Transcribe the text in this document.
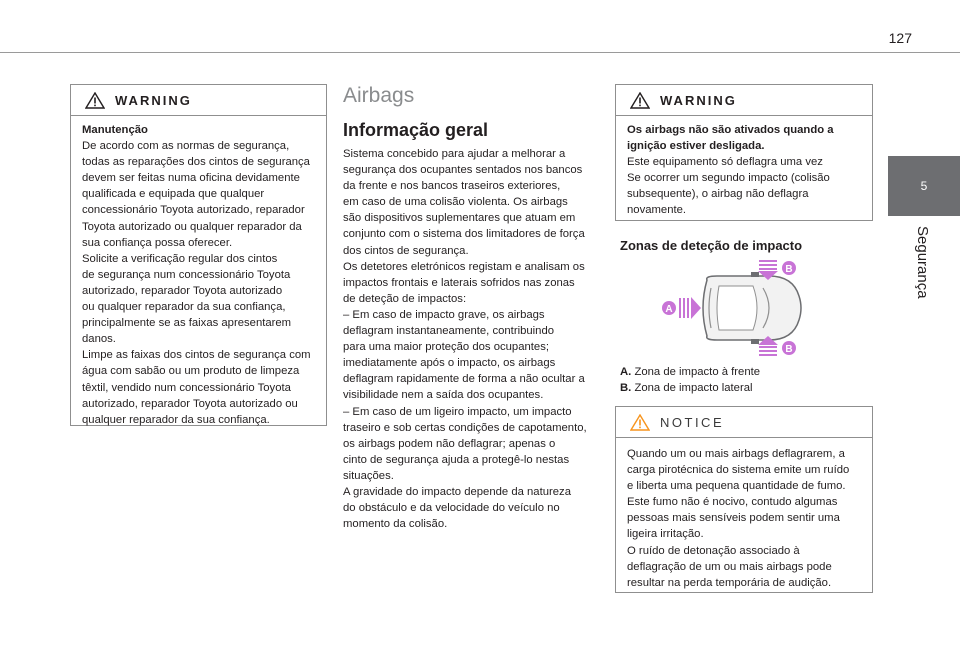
127
5
Segurança
WARNING

Manutenção

De acordo com as normas de segurança,

todas as reparações dos cintos de segurança

devem ser feitas numa oficina devidamente

qualificada e equipada que qualquer

concessionário Toyota autorizado, reparador

Toyota autorizado ou qualquer reparador da

sua confiança possa oferecer.

Solicite a verificação regular dos cintos

de segurança num concessionário Toyota

autorizado, reparador Toyota autorizado

ou qualquer reparador da sua confiança,

principalmente se as faixas apresentarem

danos.

Limpe as faixas dos cintos de segurança com

água com sabão ou um produto de limpeza

têxtil, vendido num concessionário Toyota

autorizado, reparador Toyota autorizado ou

qualquer reparador da sua confiança.

Airbags
Informação geral

Sistema concebido para ajudar a melhorar a

segurança dos ocupantes sentados nos bancos

da frente e nos bancos traseiros exteriores,

em caso de uma colisão violenta. Os airbags

são dispositivos suplementares que atuam em

conjunto com o sistema dos limitadores de força

dos cintos de segurança.

Os detetores eletrónicos registam e analisam os

impactos frontais e laterais sofridos nas zonas

de deteção de impactos:

– Em caso de impacto grave, os airbags

deflagram instantaneamente, contribuindo

para uma maior proteção dos ocupantes;

imediatamente após o impacto, os airbags

deflagram rapidamente de forma a não ocultar a

visibilidade nem a saída dos ocupantes.

– Em caso de um ligeiro impacto, um impacto

traseiro e sob certas condições de capotamento,

os airbags podem não deflagrar; apenas o

cinto de segurança ajuda a protegê-lo nestas

situações.

A gravidade do impacto depende da natureza

do obstáculo e da velocidade do veículo no

momento da colisão.

WARNING

Os airbags não são ativados quando a

ignição estiver desligada.

Este equipamento só deflagra uma vez

Se ocorrer um segundo impacto (colisão

subsequente), o airbag não deflagra

novamente.

Zonas de deteção de impacto
A
B
B
A. Zona de impacto à frente
B. Zona de impacto lateral
NOTICE

Quando um ou mais airbags deflagrarem, a

carga pirotécnica do sistema emite um ruído

e liberta uma pequena quantidade de fumo.

Este fumo não é nocivo, contudo algumas

pessoas mais sensíveis podem sentir uma

ligeira irritação.

O ruído de detonação associado à

deflagração de um ou mais airbags pode

resultar na perda temporária de audição.
